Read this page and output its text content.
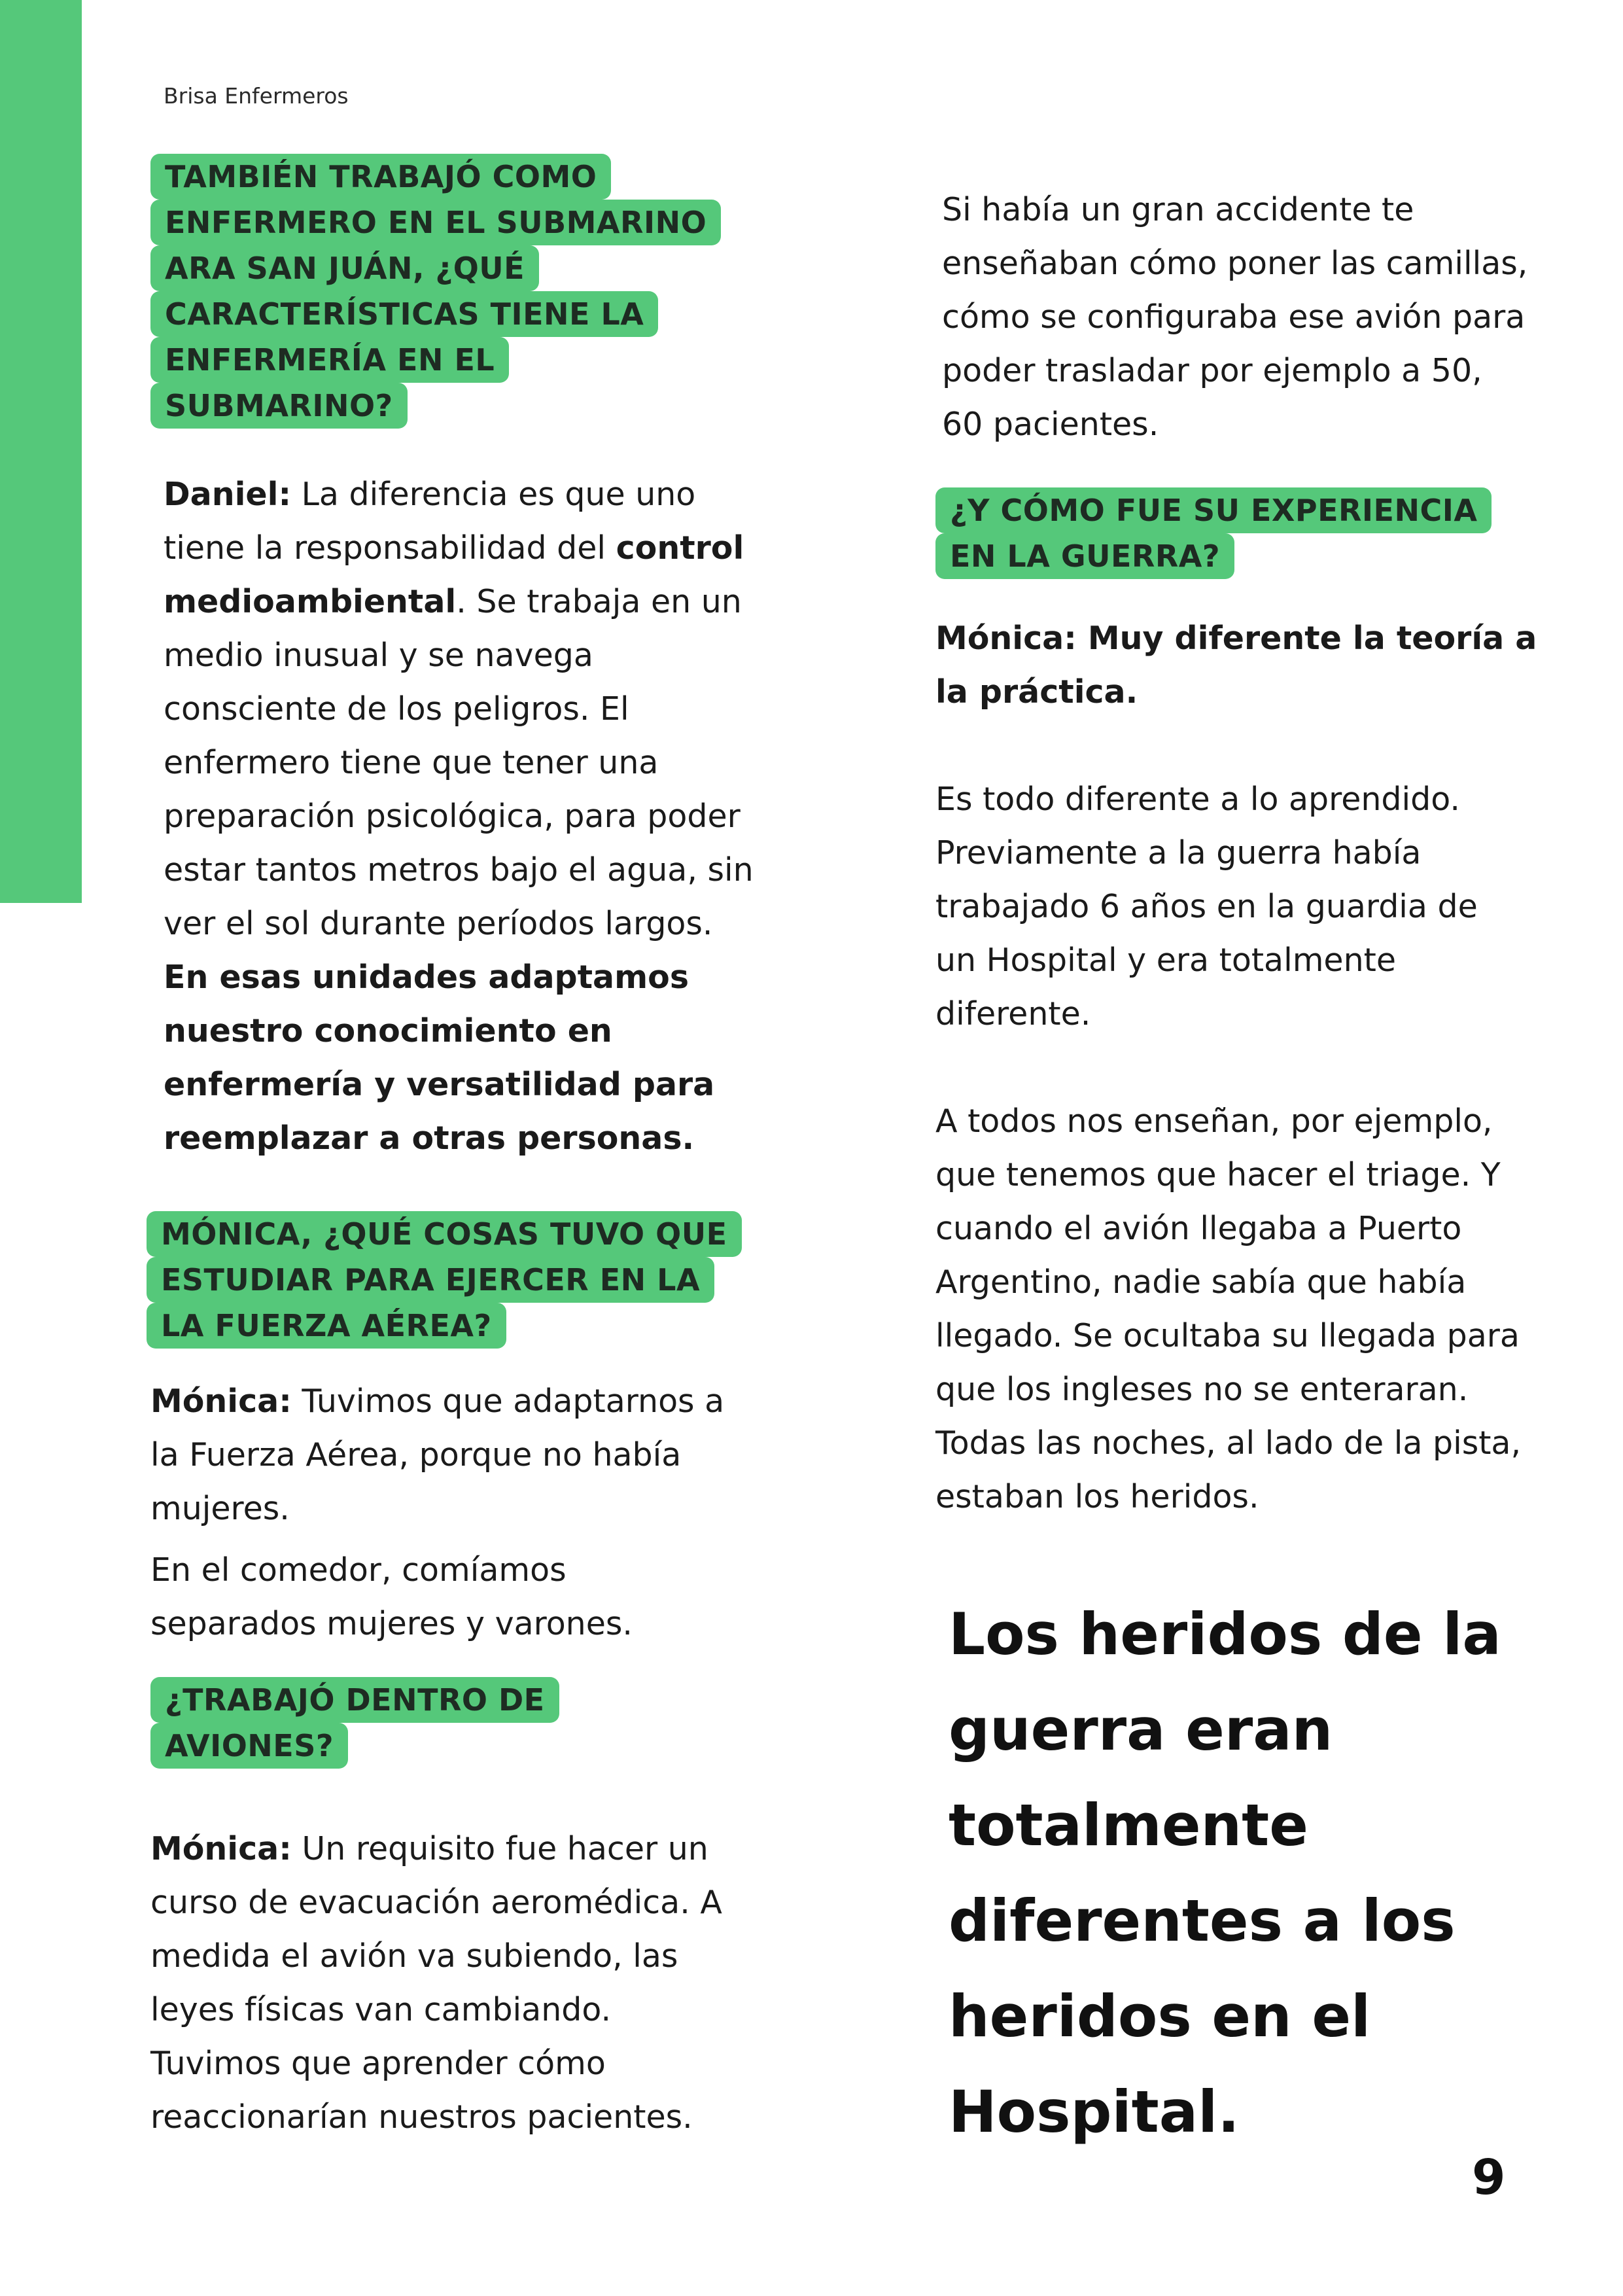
Brisa Enfermeros
TAMBIÉN TRABAJÓ COMO
ENFERMERO EN EL SUBMARINO
ARA SAN JUÁN, ¿QUÉ
CARACTERÍSTICAS TIENE LA
ENFERMERÍA EN EL
SUBMARINO?

Daniel: La diferencia es que uno tiene la responsabilidad del control medioambiental. Se trabaja en un medio inusual y se navega consciente de los peligros. El enfermero tiene que tener una preparación psicológica, para poder estar tantos metros bajo el agua, sin ver el sol durante períodos largos.
En esas unidades adaptamos nuestro conocimiento en enfermería y versatilidad para reemplazar a otras personas.

MÓNICA, ¿QUÉ COSAS TUVO QUE
ESTUDIAR PARA EJERCER EN LA
LA FUERZA AÉREA?

Mónica: Tuvimos que adaptarnos a la Fuerza Aérea, porque no había mujeres.

En el comedor, comíamos separados mujeres y varones.

¿TRABAJÓ DENTRO DE
AVIONES?

Mónica: Un requisito fue hacer un curso de evacuación aeromédica. A medida el avión va subiendo, las leyes físicas van cambiando. Tuvimos que aprender cómo reaccionarían nuestros pacientes.

Si había un gran accidente te enseñaban cómo poner las camillas, cómo se configuraba ese avión para poder trasladar por ejemplo a 50, 60 pacientes.

¿Y CÓMO FUE SU EXPERIENCIA
EN LA GUERRA?

Mónica: Muy diferente la teoría a la práctica.

Es todo diferente a lo aprendido. Previamente a la guerra había trabajado 6 años en la guardia de un Hospital y era totalmente diferente.

A todos nos enseñan, por ejemplo, que tenemos que hacer el triage. Y cuando el avión llegaba a Puerto Argentino, nadie sabía que había llegado. Se ocultaba su llegada para que los ingleses no se enteraran. Todas las noches, al lado de la pista, estaban los heridos.

Los heridos de la
guerra eran
totalmente
diferentes a los
heridos en el
Hospital.
9
